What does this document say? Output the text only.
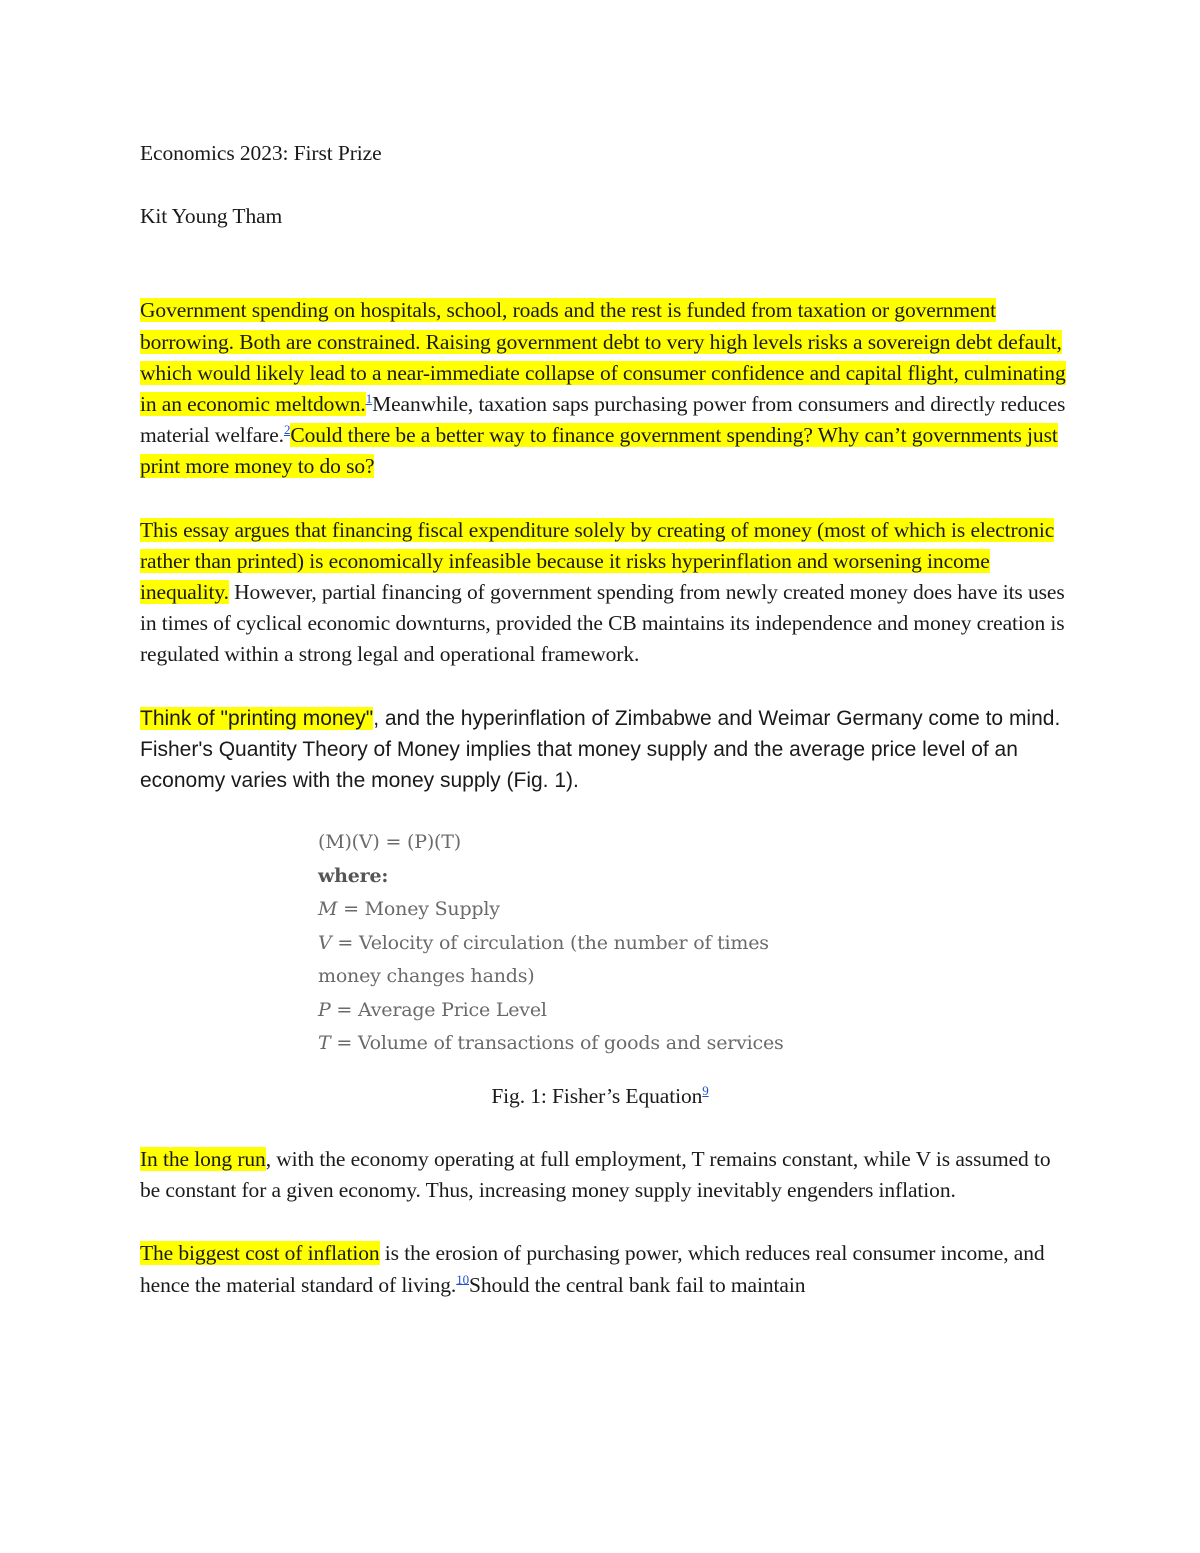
Economics 2023: First Prize

Kit Young Tham

Government spending on hospitals, school, roads and the rest is funded from taxation or government borrowing. Both are constrained. Raising government debt to very high levels risks a sovereign debt default, which would likely lead to a near-immediate collapse of consumer confidence and capital flight, culminating in an economic meltdown.$^1$Meanwhile, taxation saps purchasing power from consumers and directly reduces material welfare.$^2$Could there be a better way to finance government spending? Why can’t governments just print more money to do so?

This essay argues that financing fiscal expenditure solely by creating of money (most of which is electronic rather than printed) is economically infeasible because it risks hyperinflation and worsening income inequality. However, partial financing of government spending from newly created money does have its uses in times of cyclical economic downturns, provided the CB maintains its independence and money creation is regulated within a strong legal and operational framework.

Think of "printing money", and the hyperinflation of Zimbabwe and Weimar Germany come to mind. Fisher's Quantity Theory of Money implies that money supply and the average price level of an economy varies with the money supply (Fig. 1).

(M)(V) = (P)(T)
where:
M = Money Supply
V = Velocity of circulation (the number of times
money changes hands)
P = Average Price Level
T = Volume of transactions of goods and services

Fig. 1: Fisher’s Equation$^9$

In the long run, with the economy operating at full employment, T remains constant, while V is assumed to be constant for a given economy. Thus, increasing money supply inevitably engenders inflation.

The biggest cost of inflation is the erosion of purchasing power, which reduces real consumer income, and hence the material standard of living.$^{10}$Should the central bank fail to maintain
